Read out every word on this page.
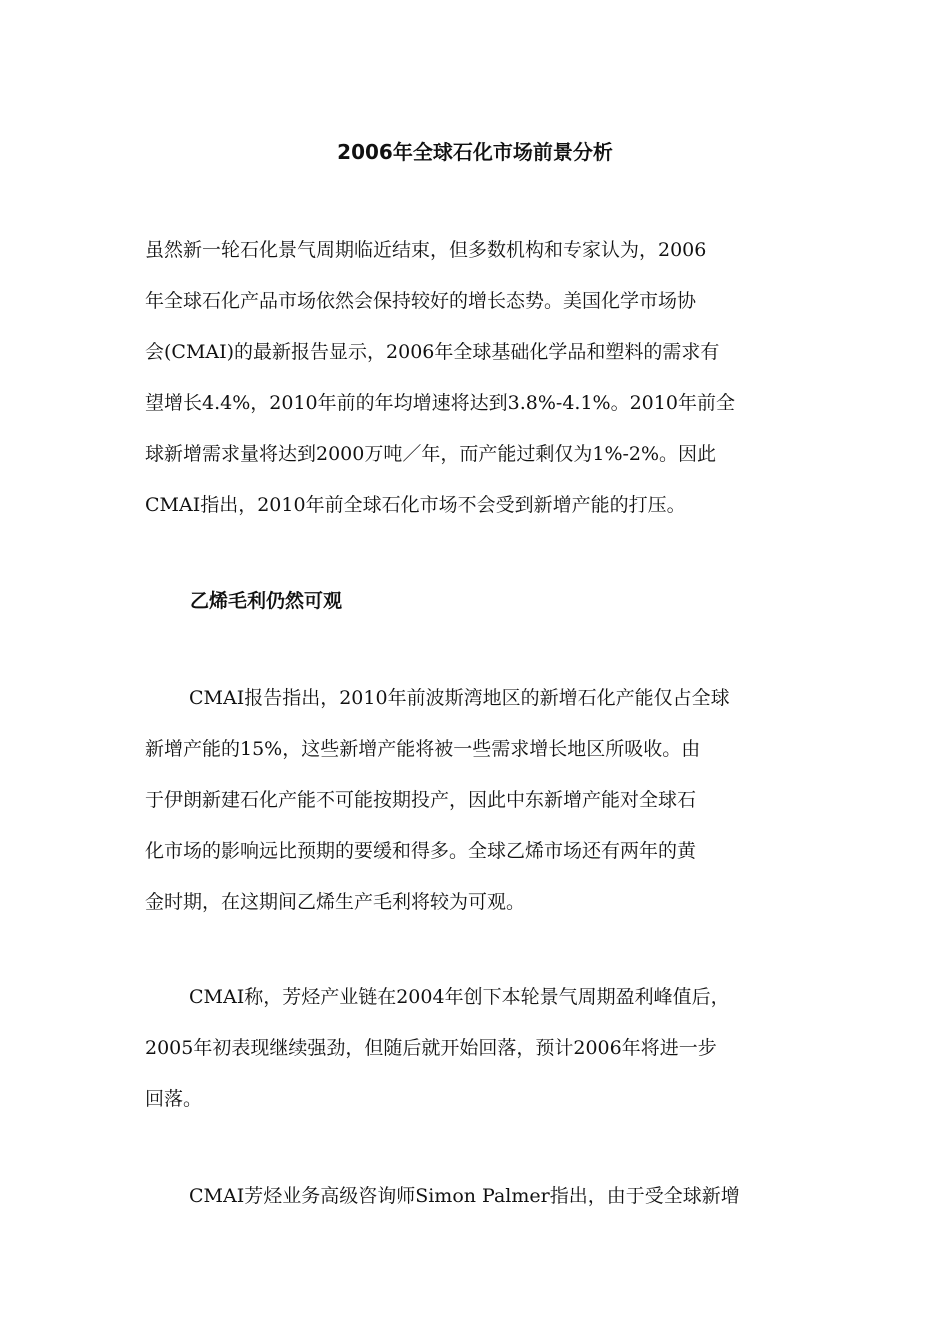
2006年全球石化市场前景分析

虽然新一轮石化景气周期临近结束，但多数机构和专家认为，2006
年全球石化产品市场依然会保持较好的增长态势。美国化学市场协
会(CMAI)的最新报告显示，2006年全球基础化学品和塑料的需求有
望增长4.4%，2010年前的年均增速将达到3.8%-4.1%。2010年前全
球新增需求量将达到2000万吨／年，而产能过剩仅为1%-2%。因此
CMAI指出，2010年前全球石化市场不会受到新增产能的打压。

乙烯毛利仍然可观

CMAI报告指出，2010年前波斯湾地区的新增石化产能仅占全球
新增产能的15%，这些新增产能将被一些需求增长地区所吸收。由
于伊朗新建石化产能不可能按期投产，因此中东新增产能对全球石
化市场的影响远比预期的要缓和得多。全球乙烯市场还有两年的黄
金时期，在这期间乙烯生产毛利将较为可观。

CMAI称，芳烃产业链在2004年创下本轮景气周期盈利峰值后，
2005年初表现继续强劲，但随后就开始回落，预计2006年将进一步
回落。

CMAI芳烃业务高级咨询师Simon Palmer指出，由于受全球新增
